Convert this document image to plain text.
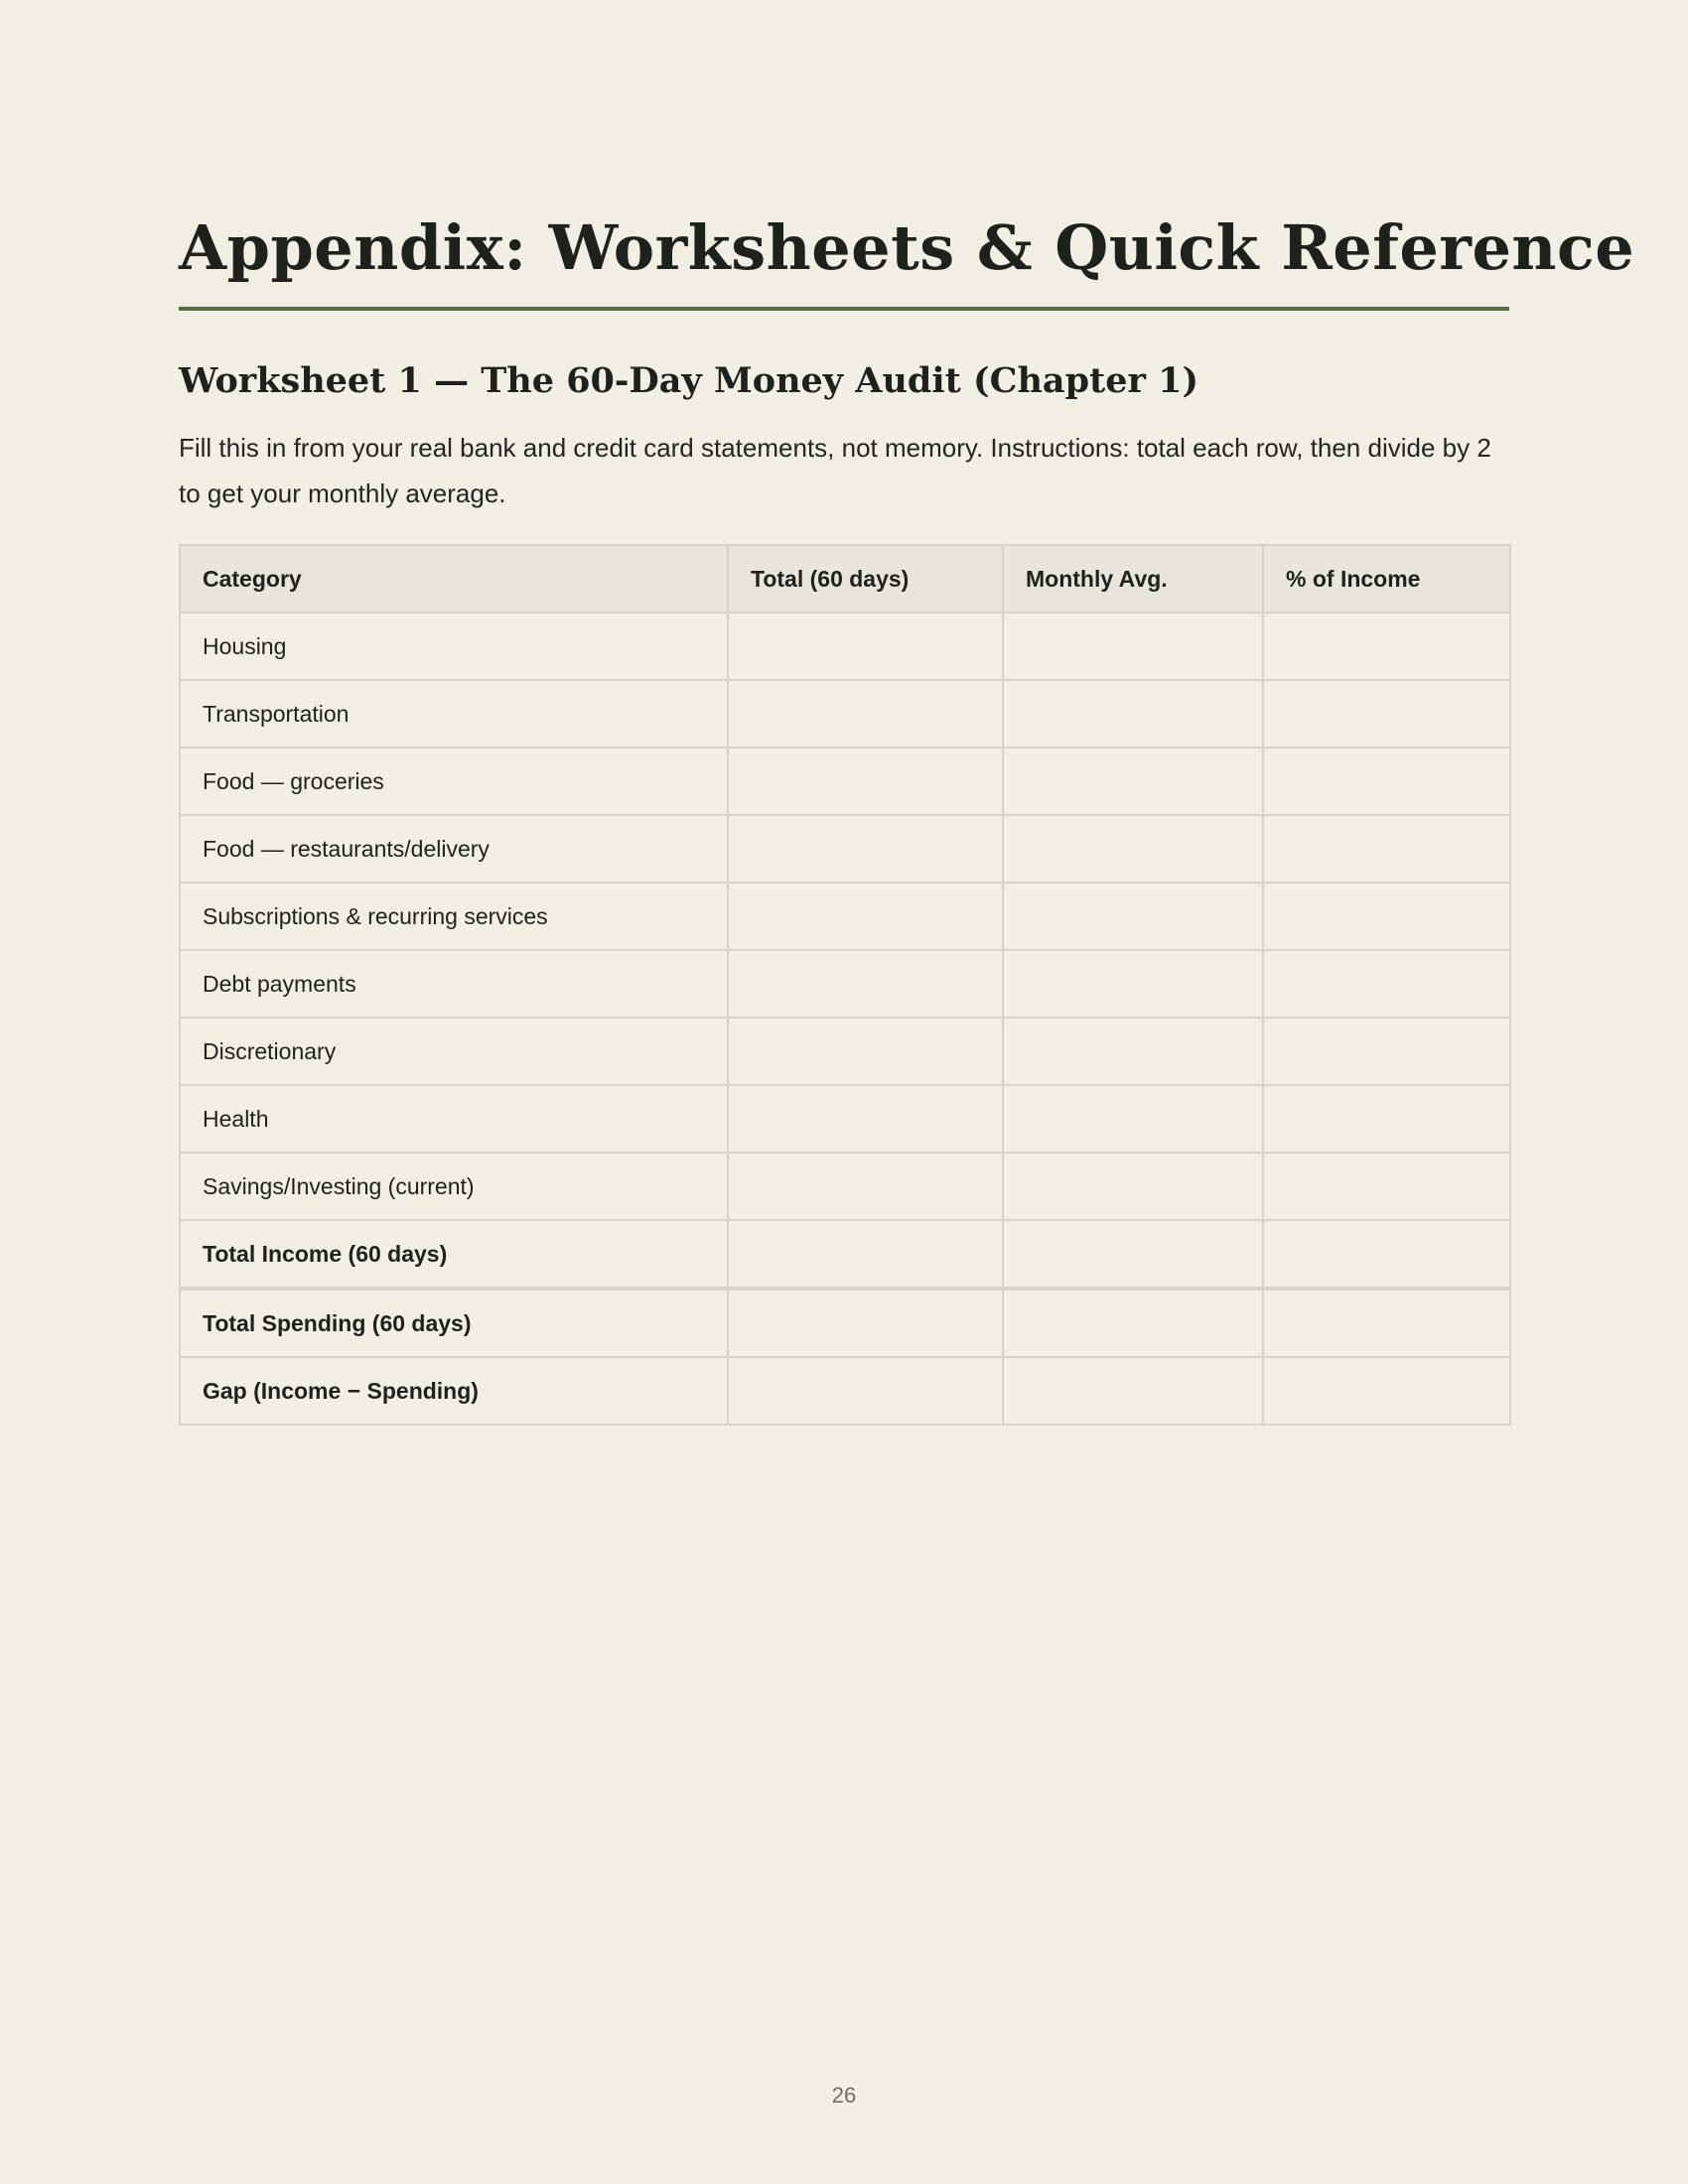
Appendix: Worksheets & Quick Reference
Worksheet 1 — The 60-Day Money Audit (Chapter 1)

Fill this in from your real bank and credit card statements, not memory. Instructions: total each row, then divide by 2 to get your monthly average.

Category	Total (60 days)	Monthly Avg.	% of Income
Housing			
Transportation			
Food — groceries			
Food — restaurants/delivery			
Subscriptions & recurring services			
Debt payments			
Discretionary			
Health			
Savings/Investing (current)			
Total Income (60 days)			
Total Spending (60 days)			
Gap (Income − Spending)			
26
